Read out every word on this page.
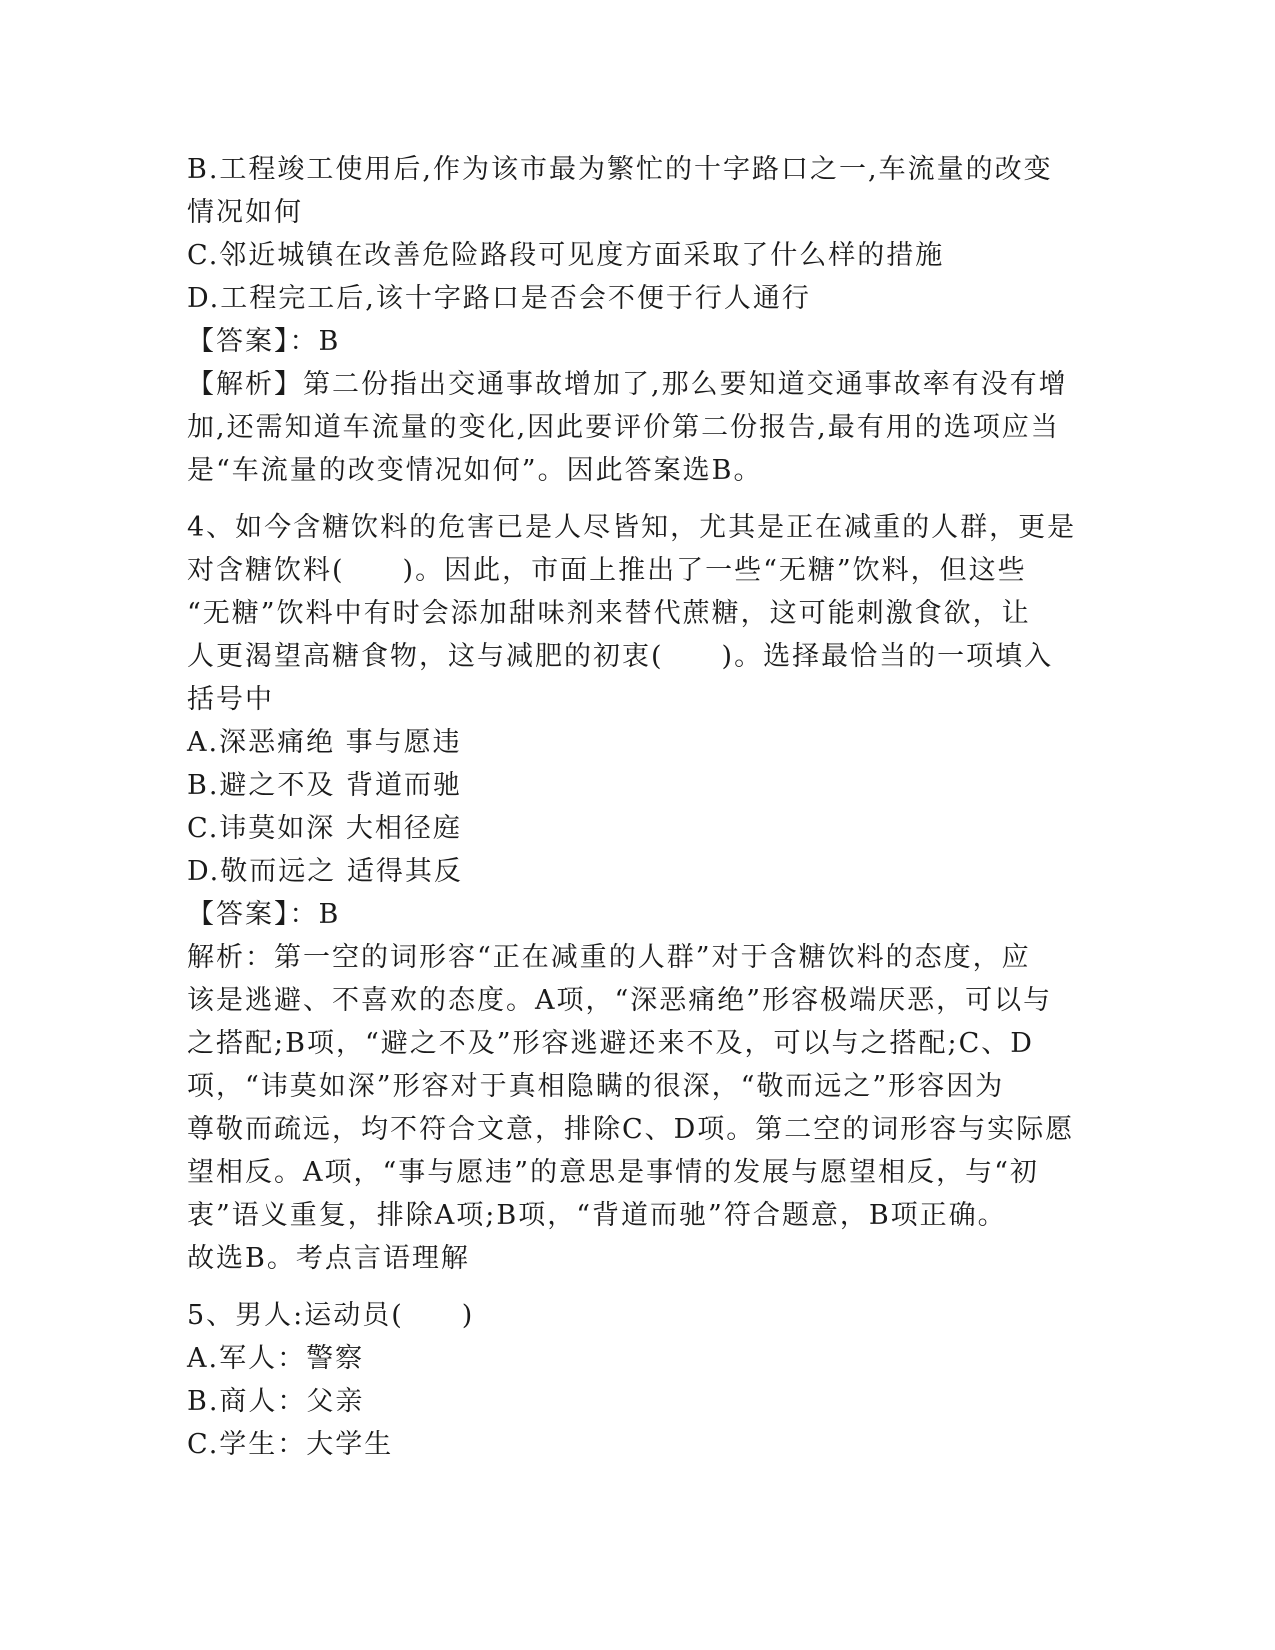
B.工程竣工使用后,作为该市最为繁忙的十字路口之一,车流量的改变
情况如何
C.邻近城镇在改善危险路段可见度方面采取了什么样的措施
D.工程完工后,该十字路口是否会不便于行人通行
【答案】：B
【解析】第二份指出交通事故增加了,那么要知道交通事故率有没有增
加,还需知道车流量的变化,因此要评价第二份报告,最有用的选项应当
是“车流量的改变情况如何”。因此答案选B。
4、如今含糖饮料的危害已是人尽皆知，尤其是正在减重的人群，更是
对含糖饮料(　　)。因此，市面上推出了一些“无糖”饮料，但这些
“无糖”饮料中有时会添加甜味剂来替代蔗糖，这可能刺激食欲，让
人更渴望高糖食物，这与减肥的初衷(　　)。选择最恰当的一项填入
括号中
A.深恶痛绝 事与愿违
B.避之不及 背道而驰
C.讳莫如深 大相径庭
D.敬而远之 适得其反
【答案】：B
解析：第一空的词形容“正在减重的人群”对于含糖饮料的态度，应
该是逃避、不喜欢的态度。A项，“深恶痛绝”形容极端厌恶，可以与
之搭配;B项，“避之不及”形容逃避还来不及，可以与之搭配;C、D
项，“讳莫如深”形容对于真相隐瞒的很深，“敬而远之”形容因为
尊敬而疏远，均不符合文意，排除C、D项。第二空的词形容与实际愿
望相反。A项，“事与愿违”的意思是事情的发展与愿望相反，与“初
衷”语义重复，排除A项;B项，“背道而驰”符合题意，B项正确。
故选B。考点言语理解
5、男人:运动员(　　)
A.军人：警察
B.商人：父亲
C.学生：大学生
